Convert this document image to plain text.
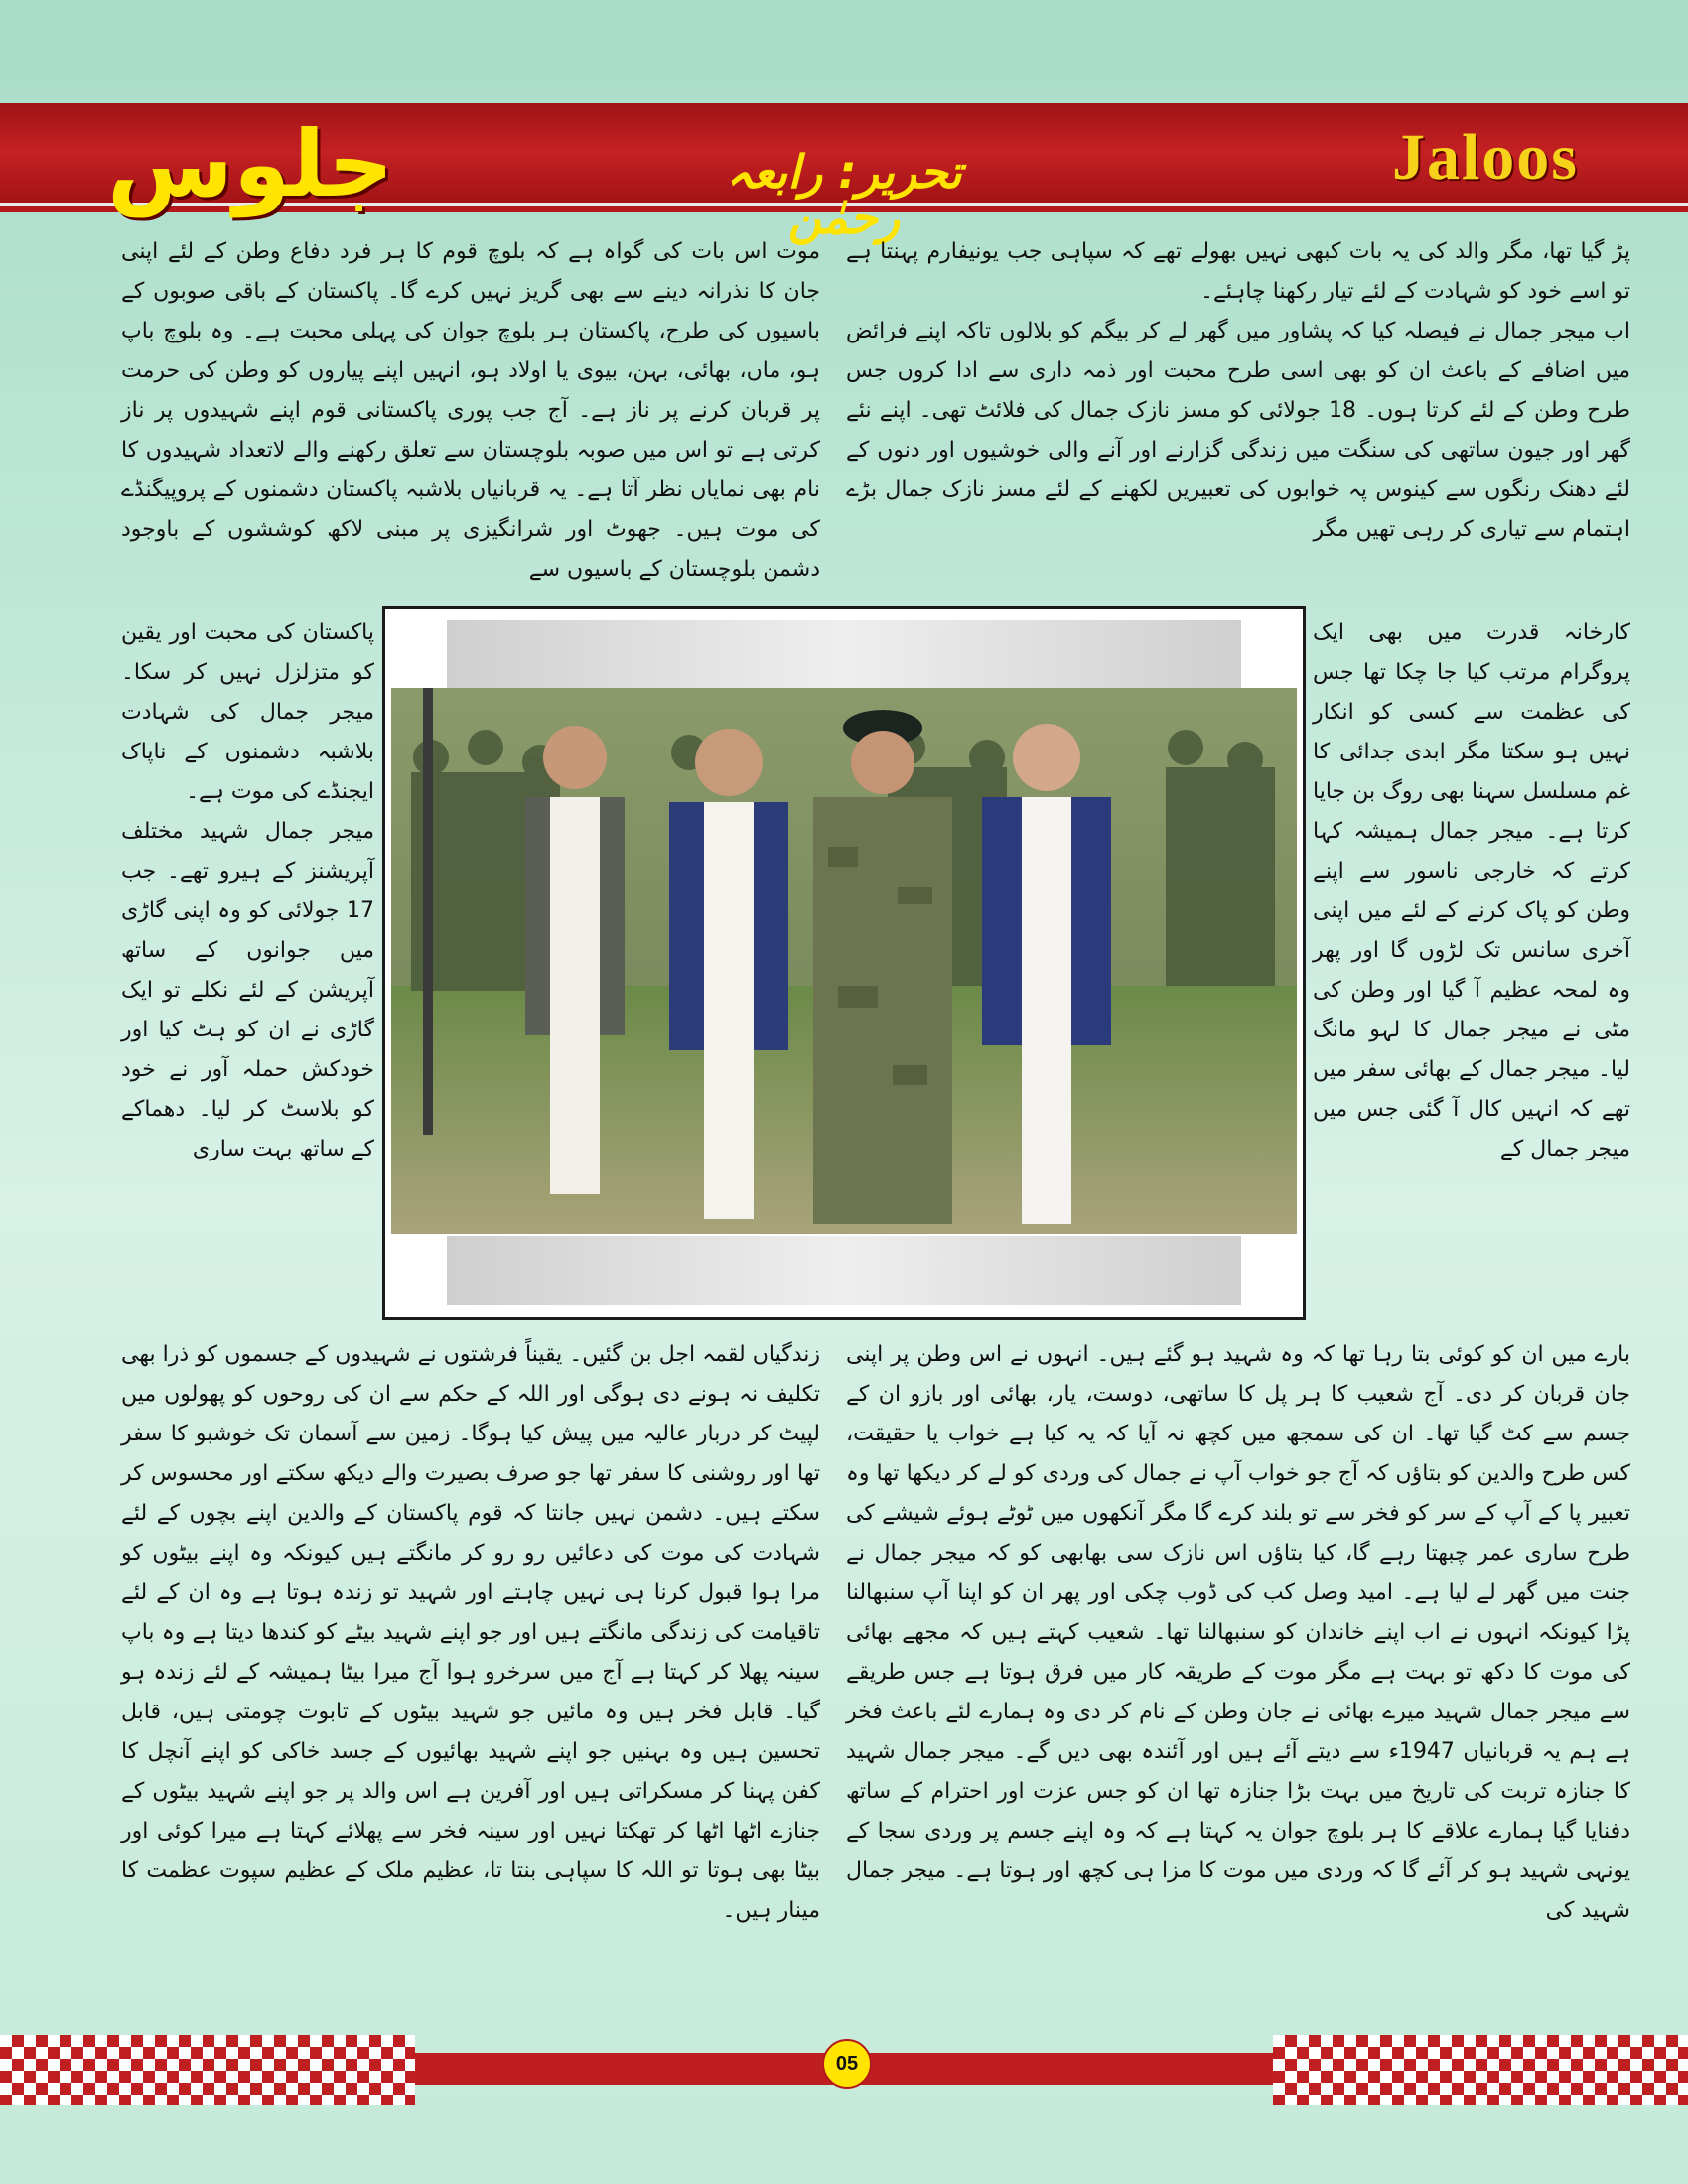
جلوس	تحریر: رابعہ رحمٰن
Jaloos

پڑ گیا تھا، مگر والد کی یہ بات کبھی نہیں بھولے تھے کہ سپاہی جب یونیفارم پہنتا ہے تو اسے خود کو شہادت کے لئے تیار رکھنا چاہئے۔

اب میجر جمال نے فیصلہ کیا کہ پشاور میں گھر لے کر بیگم کو بلالوں تاکہ اپنے فرائض میں اضافے کے باعث ان کو بھی اسی طرح محبت اور ذمہ داری سے ادا کروں جس طرح وطن کے لئے کرتا ہوں۔ 18 جولائی کو مسز نازک جمال کی فلائٹ تھی۔ اپنے نئے گھر اور جیون ساتھی کی سنگت میں زندگی گزارنے اور آنے والی خوشیوں اور دنوں کے لئے دھنک رنگوں سے کینوس پہ خوابوں کی تعبیریں لکھنے کے لئے مسز نازک جمال بڑے اہتمام سے تیاری کر رہی تھیں مگر

موت اس بات کی گواہ ہے کہ بلوچ قوم کا ہر فرد دفاع وطن کے لئے اپنی جان کا نذرانہ دینے سے بھی گریز نہیں کرے گا۔ پاکستان کے باقی صوبوں کے باسیوں کی طرح، پاکستان ہر بلوچ جوان کی پہلی محبت ہے۔ وہ بلوچ باپ ہو، ماں، بھائی، بہن، بیوی یا اولاد ہو، انہیں اپنے پیاروں کو وطن کی حرمت پر قربان کرنے پر ناز ہے۔ آج جب پوری پاکستانی قوم اپنے شہیدوں پر ناز کرتی ہے تو اس میں صوبہ بلوچستان سے تعلق رکھنے والے لاتعداد شہیدوں کا نام بھی نمایاں نظر آتا ہے۔ یہ قربانیاں بلاشبہ پاکستان دشمنوں کے پروپیگنڈے کی موت ہیں۔ جھوٹ اور شرانگیزی پر مبنی لاکھ کوششوں کے باوجود دشمن بلوچستان کے باسیوں سے

کارخانہ قدرت میں بھی ایک پروگرام مرتب کیا جا چکا تھا جس کی عظمت سے کسی کو انکار نہیں ہو سکتا مگر ابدی جدائی کا غم مسلسل سہنا بھی روگ بن جایا کرتا ہے۔ میجر جمال ہمیشہ کہا کرتے کہ خارجی ناسور سے اپنے وطن کو پاک کرنے کے لئے میں اپنی آخری سانس تک لڑوں گا اور پھر وہ لمحہ عظیم آ گیا اور وطن کی مٹی نے میجر جمال کا لہو مانگ لیا۔ میجر جمال کے بھائی سفر میں تھے کہ انہیں کال آ گئی جس میں میجر جمال کے

پاکستان کی محبت اور یقین کو متزلزل نہیں کر سکا۔ میجر جمال کی شہادت بلاشبہ دشمنوں کے ناپاک ایجنڈے کی موت ہے۔

میجر جمال شہید مختلف آپریشنز کے ہیرو تھے۔ جب 17 جولائی کو وہ اپنی گاڑی میں جوانوں کے ساتھ آپریشن کے لئے نکلے تو ایک گاڑی نے ان کو ہٹ کیا اور خودکش حملہ آور نے خود کو بلاسٹ کر لیا۔ دھماکے کے ساتھ بہت ساری

بارے میں ان کو کوئی بتا رہا تھا کہ وہ شہید ہو گئے ہیں۔ انہوں نے اس وطن پر اپنی جان قربان کر دی۔ آج شعیب کا ہر پل کا ساتھی، دوست، یار، بھائی اور بازو ان کے جسم سے کٹ گیا تھا۔ ان کی سمجھ میں کچھ نہ آیا کہ یہ کیا ہے خواب یا حقیقت، کس طرح والدین کو بتاؤں کہ آج جو خواب آپ نے جمال کی وردی کو لے کر دیکھا تھا وہ تعبیر پا کے آپ کے سر کو فخر سے تو بلند کرے گا مگر آنکھوں میں ٹوٹے ہوئے شیشے کی طرح ساری عمر چبھتا رہے گا، کیا بتاؤں اس نازک سی بھابھی کو کہ میجر جمال نے جنت میں گھر لے لیا ہے۔ امید وصل کب کی ڈوب چکی اور پھر ان کو اپنا آپ سنبھالنا پڑا کیونکہ انہوں نے اب اپنے خاندان کو سنبھالنا تھا۔ شعیب کہتے ہیں کہ مجھے بھائی کی موت کا دکھ تو بہت ہے مگر موت کے طریقہ کار میں فرق ہوتا ہے جس طریقے سے میجر جمال شہید میرے بھائی نے جان وطن کے نام کر دی وہ ہمارے لئے باعث فخر ہے ہم یہ قربانیاں 1947ء سے دیتے آئے ہیں اور آئندہ بھی دیں گے۔ میجر جمال شہید کا جنازہ تربت کی تاریخ میں بہت بڑا جنازہ تھا ان کو جس عزت اور احترام کے ساتھ دفنایا گیا ہمارے علاقے کا ہر بلوچ جوان یہ کہتا ہے کہ وہ اپنے جسم پر وردی سجا کے یونہی شہید ہو کر آئے گا کہ وردی میں موت کا مزا ہی کچھ اور ہوتا ہے۔ میجر جمال شہید کی

زندگیاں لقمہ اجل بن گئیں۔ یقیناً فرشتوں نے شہیدوں کے جسموں کو ذرا بھی تکلیف نہ ہونے دی ہوگی اور اللہ کے حکم سے ان کی روحوں کو پھولوں میں لپیٹ کر دربار عالیہ میں پیش کیا ہوگا۔ زمین سے آسمان تک خوشبو کا سفر تھا اور روشنی کا سفر تھا جو صرف بصیرت والے دیکھ سکتے اور محسوس کر سکتے ہیں۔ دشمن نہیں جانتا کہ قوم پاکستان کے والدین اپنے بچوں کے لئے شہادت کی موت کی دعائیں رو رو کر مانگتے ہیں کیونکہ وہ اپنے بیٹوں کو مرا ہوا قبول کرنا ہی نہیں چاہتے اور شہید تو زندہ ہوتا ہے وہ ان کے لئے تاقیامت کی زندگی مانگتے ہیں اور جو اپنے شہید بیٹے کو کندھا دیتا ہے وہ باپ سینہ پھلا کر کہتا ہے آج میں سرخرو ہوا آج میرا بیٹا ہمیشہ کے لئے زندہ ہو گیا۔ قابل فخر ہیں وہ مائیں جو شہید بیٹوں کے تابوت چومتی ہیں، قابل تحسین ہیں وہ بہنیں جو اپنے شہید بھائیوں کے جسد خاکی کو اپنے آنچل کا کفن پہنا کر مسکراتی ہیں اور آفرین ہے اس والد پر جو اپنے شہید بیٹوں کے جنازے اٹھا اٹھا کر تھکتا نہیں اور سینہ فخر سے پھلائے کہتا ہے میرا کوئی اور بیٹا بھی ہوتا تو اللہ کا سپاہی بنتا تا، عظیم ملک کے عظیم سپوت عظمت کا مینار ہیں۔

05
